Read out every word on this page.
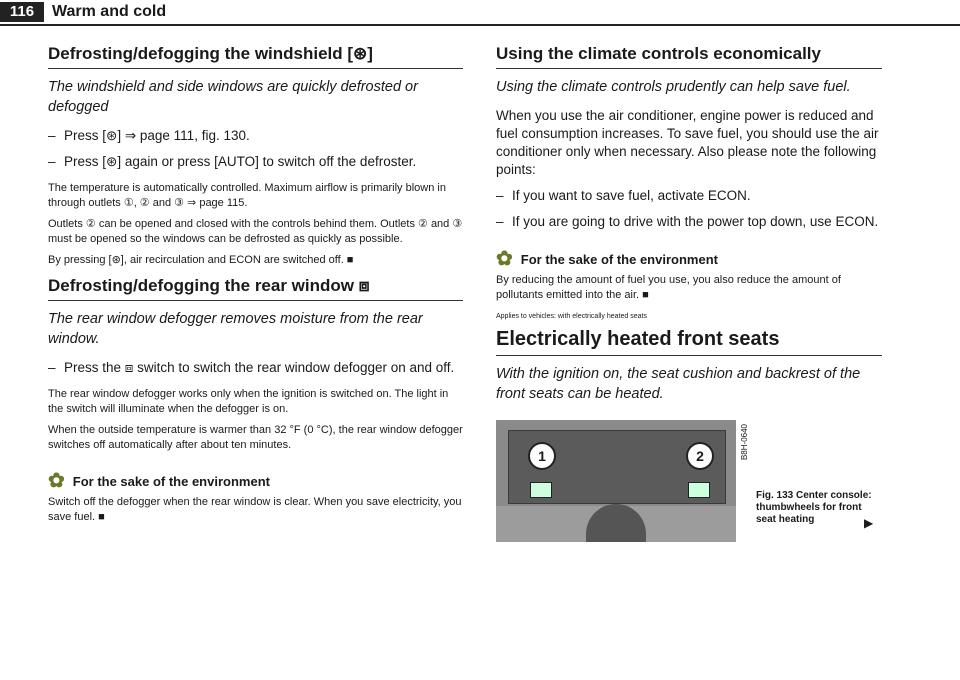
116	Warm and cold
Defrosting/defogging the windshield [⊛]

The windshield and side windows are quickly defrosted or defogged

– Press [⊛] ⇒ page 111, fig. 130.
– Press [⊛] again or press [AUTO] to switch off the defroster.

The temperature is automatically controlled. Maximum airflow is primarily blown in through outlets ①, ② and ③ ⇒ page 115.

Outlets ② can be opened and closed with the controls behind them. Outlets ② and ③ must be opened so the windows can be defrosted as quickly as possible.

By pressing [⊛], air recirculation and ECON are switched off. ■

Defrosting/defogging the rear window ⧈

The rear window defogger removes moisture from the rear window.

– Press the ⧈ switch to switch the rear window defogger on and off.

The rear window defogger works only when the ignition is switched on. The light in the switch will illuminate when the defogger is on.

When the outside temperature is warmer than 32 °F (0 °C), the rear window defogger switches off automatically after about ten minutes.

✿ For the sake of the environment

Switch off the defogger when the rear window is clear. When you save electricity, you save fuel. ■

Using the climate controls economically

Using the climate controls prudently can help save fuel.

When you use the air conditioner, engine power is reduced and fuel consumption increases. To save fuel, you should use the air conditioner only when necessary. Also please note the following points:

– If you want to save fuel, activate ECON.
– If you are going to drive with the power top down, use ECON.
✿ For the sake of the environment

By reducing the amount of fuel you use, you also reduce the amount of pollutants emitted into the air. ■

Applies to vehicles: with electrically heated seats

Electrically heated front seats

With the ignition on, the seat cushion and backrest of the front seats can be heated.

1	2	B8H-0640
Fig. 133 Center console: thumbwheels for front seat heating	▶
